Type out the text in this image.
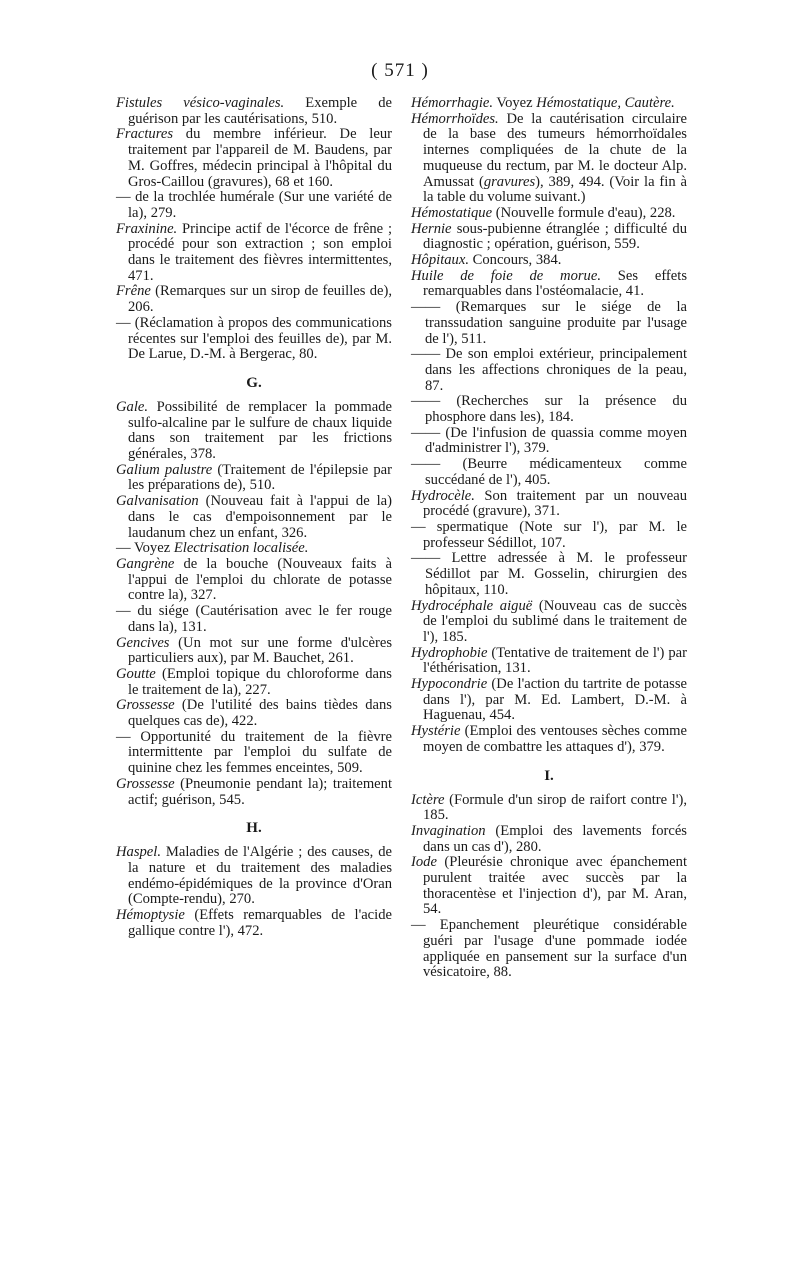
( 571 )

Fistules vésico-vaginales. Exemple de guérison par les cautérisations, 510.

Fractures du membre inférieur. De leur traitement par l'appareil de M. Baudens, par M. Goffres, médecin principal à l'hôpital du Gros-Caillou (gravures), 68 et 160.

— de la trochlée humérale (Sur une variété de la), 279.

Fraxinine. Principe actif de l'écorce de frêne ; procédé pour son extraction ; son emploi dans le traitement des fièvres intermittentes, 471.

Frêne (Remarques sur un sirop de feuilles de), 206.

— (Réclamation à propos des communications récentes sur l'emploi des feuilles de), par M. De Larue, D.-M. à Bergerac, 80.

G.

Gale. Possibilité de remplacer la pommade sulfo-alcaline par le sulfure de chaux liquide dans son traitement par les frictions générales, 378.

Galium palustre (Traitement de l'épilepsie par les préparations de), 510.

Galvanisation (Nouveau fait à l'appui de la) dans le cas d'empoisonnement par le laudanum chez un enfant, 326.

— Voyez Electrisation localisée.

Gangrène de la bouche (Nouveaux faits à l'appui de l'emploi du chlorate de potasse contre la), 327.

— du siége (Cautérisation avec le fer rouge dans la), 131.

Gencives (Un mot sur une forme d'ulcères particuliers aux), par M. Bauchet, 261.

Goutte (Emploi topique du chloroforme dans le traitement de la), 227.

Grossesse (De l'utilité des bains tièdes dans quelques cas de), 422.

— Opportunité du traitement de la fièvre intermittente par l'emploi du sulfate de quinine chez les femmes enceintes, 509.

Grossesse (Pneumonie pendant la); traitement actif; guérison, 545.

H.

Haspel. Maladies de l'Algérie ; des causes, de la nature et du traitement des maladies endémo-épidémiques de la province d'Oran (Compte-rendu), 270.

Hémoptysie (Effets remarquables de l'acide gallique contre l'), 472.

Hémorrhagie. Voyez Hémostatique, Cautère.

Hémorrhoïdes. De la cautérisation circulaire de la base des tumeurs hémorrhoïdales internes compliquées de la chute de la muqueuse du rectum, par M. le docteur Alp. Amussat (gravures), 389, 494. (Voir la fin à la table du volume suivant.)

Hémostatique (Nouvelle formule d'eau), 228.

Hernie sous-pubienne étranglée ; difficulté du diagnostic ; opération, guérison, 559.

Hôpitaux. Concours, 384.

Huile de foie de morue. Ses effets remarquables dans l'ostéomalacie, 41.

—— (Remarques sur le siége de la transsudation sanguine produite par l'usage de l'), 511.

—— De son emploi extérieur, principalement dans les affections chroniques de la peau, 87.

—— (Recherches sur la présence du phosphore dans les), 184.

—— (De l'infusion de quassia comme moyen d'administrer l'), 379.

—— (Beurre médicamenteux comme succédané de l'), 405.

Hydrocèle. Son traitement par un nouveau procédé (gravure), 371.

— spermatique (Note sur l'), par M. le professeur Sédillot, 107.

—— Lettre adressée à M. le professeur Sédillot par M. Gosselin, chirurgien des hôpitaux, 110.

Hydrocéphale aiguë (Nouveau cas de succès de l'emploi du sublimé dans le traitement de l'), 185.

Hydrophobie (Tentative de traitement de l') par l'éthérisation, 131.

Hypocondrie (De l'action du tartrite de potasse dans l'), par M. Ed. Lambert, D.-M. à Haguenau, 454.

Hystérie (Emploi des ventouses sèches comme moyen de combattre les attaques d'), 379.

I.

Ictère (Formule d'un sirop de raifort contre l'), 185.

Invagination (Emploi des lavements forcés dans un cas d'), 280.

Iode (Pleurésie chronique avec épanchement purulent traitée avec succès par la thoracentèse et l'injection d'), par M. Aran, 54.

— Epanchement pleurétique considérable guéri par l'usage d'une pommade iodée appliquée en pansement sur la surface d'un vésicatoire, 88.
